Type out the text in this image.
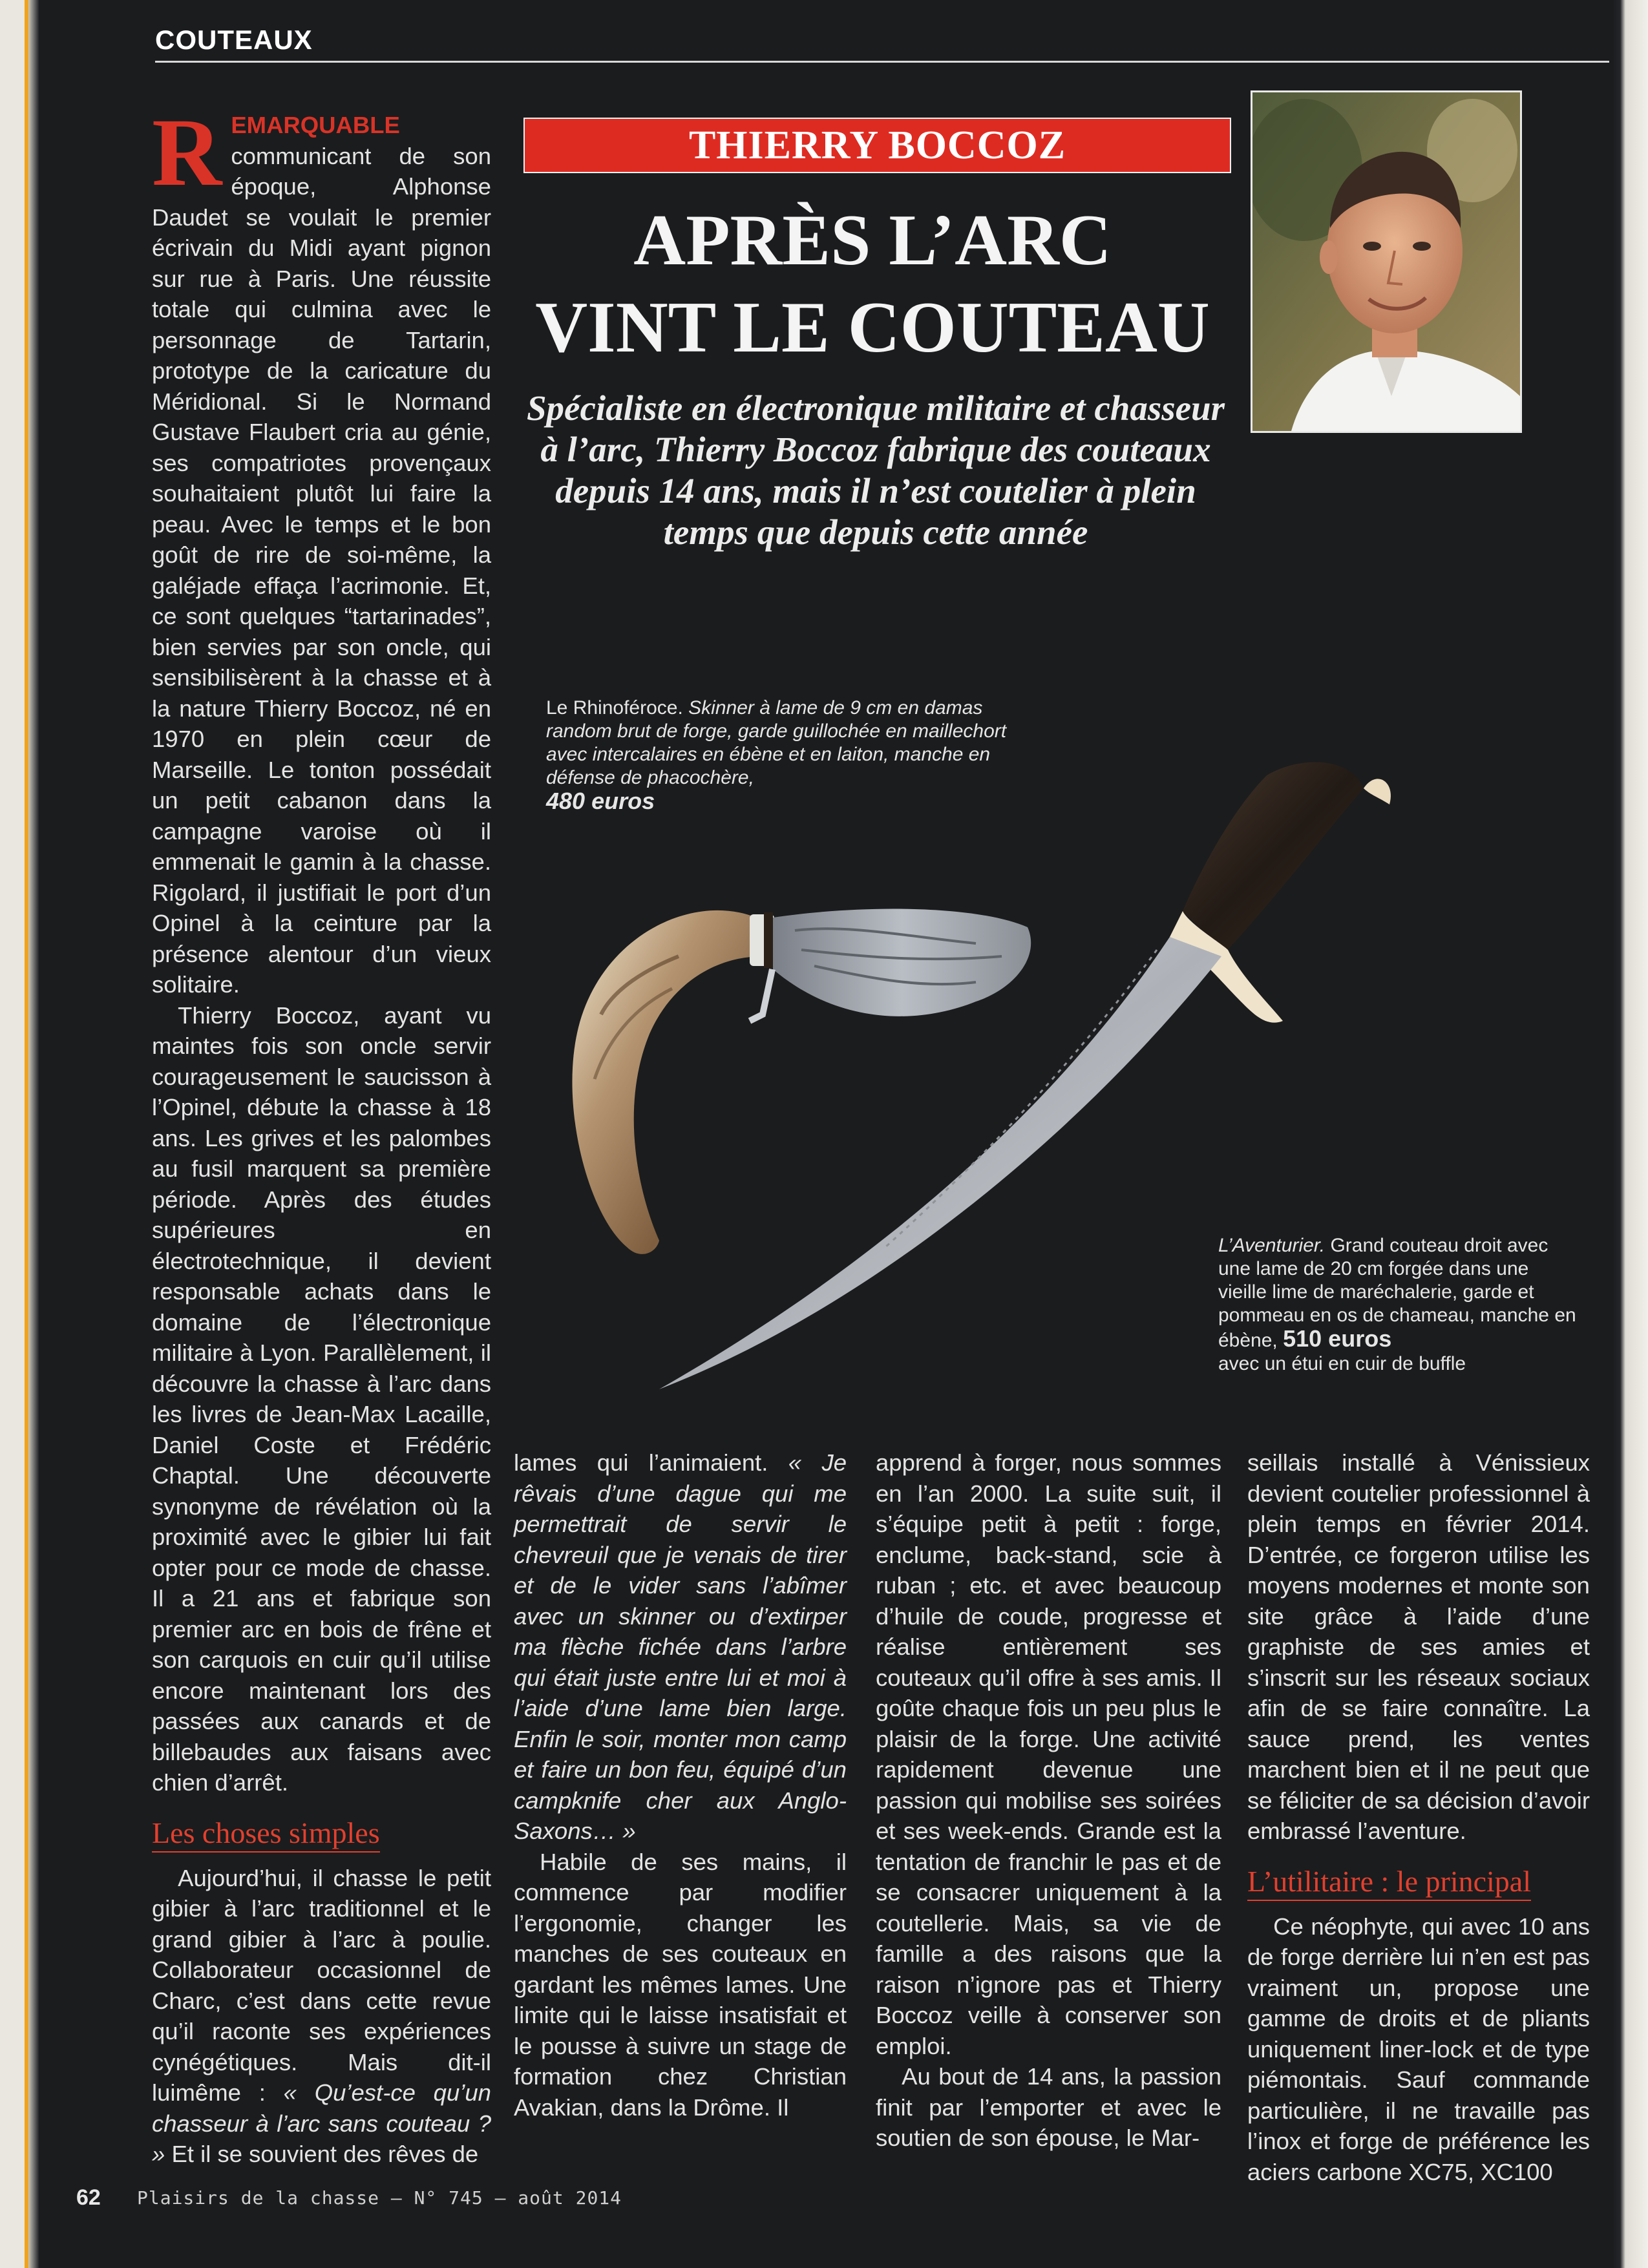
COUTEAUX

REMARQUABLE communicant de son époque, Alphonse Daudet se voulait le premier écrivain du Midi ayant pignon sur rue à Paris. Une réussite totale qui culmina avec le personnage de Tartarin, prototype de la caricature du Méridional. Si le Normand Gustave Flaubert cria au génie, ses compatriotes provençaux souhaitaient plutôt lui faire la peau. Avec le temps et le bon goût de rire de soi-même, la galéjade effaça l’acrimonie. Et, ce sont quelques “tartarinades”, bien servies par son oncle, qui sensibilisèrent à la chasse et à la nature Thierry Boccoz, né en 1970 en plein cœur de Marseille. Le tonton possédait un petit cabanon dans la campagne varoise où il emmenait le gamin à la chasse. Rigolard, il justifiait le port d’un Opinel à la ceinture par la présence alentour d’un vieux solitaire.

Thierry Boccoz, ayant vu maintes fois son oncle servir courageusement le saucisson à l’Opinel, débute la chasse à 18 ans. Les grives et les palombes au fusil marquent sa première période. Après des études supérieures en électrotechnique, il devient responsable achats dans le domaine de l’électronique militaire à Lyon. Parallèlement, il découvre la chasse à l’arc dans les livres de Jean-Max Lacaille, Daniel Coste et Frédéric Chaptal. Une découverte synonyme de révélation où la proximité avec le gibier lui fait opter pour ce mode de chasse. Il a 21 ans et fabrique son premier arc en bois de frêne et son carquois en cuir qu’il utilise encore maintenant lors des passées aux canards et de billebaudes aux faisans avec chien d’arrêt.

Les choses simples

Aujourd’hui, il chasse le petit gibier à l’arc traditionnel et le grand gibier à l’arc à poulie. Collaborateur occasionnel de Charc, c’est dans cette revue qu’il raconte ses expériences cynégétiques. Mais dit-il luimême : « Qu’est-ce qu’un chasseur à l’arc sans couteau ? » Et il se souvient des rêves de

THIERRY BOCCOZ
APRÈS L’ARC
VINT LE COUTEAU

Spécialiste en électronique militaire et chasseur à l’arc, Thierry Boccoz fabrique des couteaux depuis 14 ans, mais il n’est coutelier à plein temps que depuis cette année

Le Rhinoféroce. Skinner à lame de 9 cm en damas random brut de forge, garde guillochée en maillechort avec intercalaires en ébène et en laiton, manche en défense de phacochère,
480 euros
L’Aventurier. Grand couteau droit avec une lame de 20 cm forgée dans une vieille lime de maréchalerie, garde et pommeau en os de chameau, manche en ébène, 510 euros
avec un étui en cuir de buffle

lames qui l’animaient. « Je rêvais d’une dague qui me permettrait de servir le chevreuil que je venais de tirer et de le vider sans l’abîmer avec un skinner ou d’extirper ma flèche fichée dans l’arbre qui était juste entre lui et moi à l’aide d’une lame bien large. Enfin le soir, monter mon camp et faire un bon feu, équipé d’un campknife cher aux Anglo-Saxons… »

Habile de ses mains, il commence par modifier l’ergonomie, changer les manches de ses couteaux en gardant les mêmes lames. Une limite qui le laisse insatisfait et le pousse à suivre un stage de formation chez Christian Avakian, dans la Drôme. Il

apprend à forger, nous sommes en l’an 2000. La suite suit, il s’équipe petit à petit : forge, enclume, back-stand, scie à ruban ; etc. et avec beaucoup d’huile de coude, progresse et réalise entièrement ses couteaux qu’il offre à ses amis. Il goûte chaque fois un peu plus le plaisir de la forge. Une activité rapidement devenue une passion qui mobilise ses soirées et ses week-ends. Grande est la tentation de franchir le pas et de se consacrer uniquement à la coutellerie. Mais, sa vie de famille a des raisons que la raison n’ignore pas et Thierry Boccoz veille à conserver son emploi.

Au bout de 14 ans, la passion finit par l’emporter et avec le soutien de son épouse, le Mar-

seillais installé à Vénissieux devient coutelier professionnel à plein temps en février 2014. D’entrée, ce forgeron utilise les moyens modernes et monte son site grâce à l’aide d’une graphiste de ses amies et s’inscrit sur les réseaux sociaux afin de se faire connaître. La sauce prend, les ventes marchent bien et il ne peut que se féliciter de sa décision d’avoir embrassé l’aventure.

L’utilitaire : le principal

Ce néophyte, qui avec 10 ans de forge derrière lui n’en est pas vraiment un, propose une gamme de droits et de pliants uniquement liner-lock et de type piémontais. Sauf commande particulière, il ne travaille pas l’inox et forge de préférence les aciers carbone XC75, XC100

62 Plaisirs de la chasse – N° 745 – août 2014
